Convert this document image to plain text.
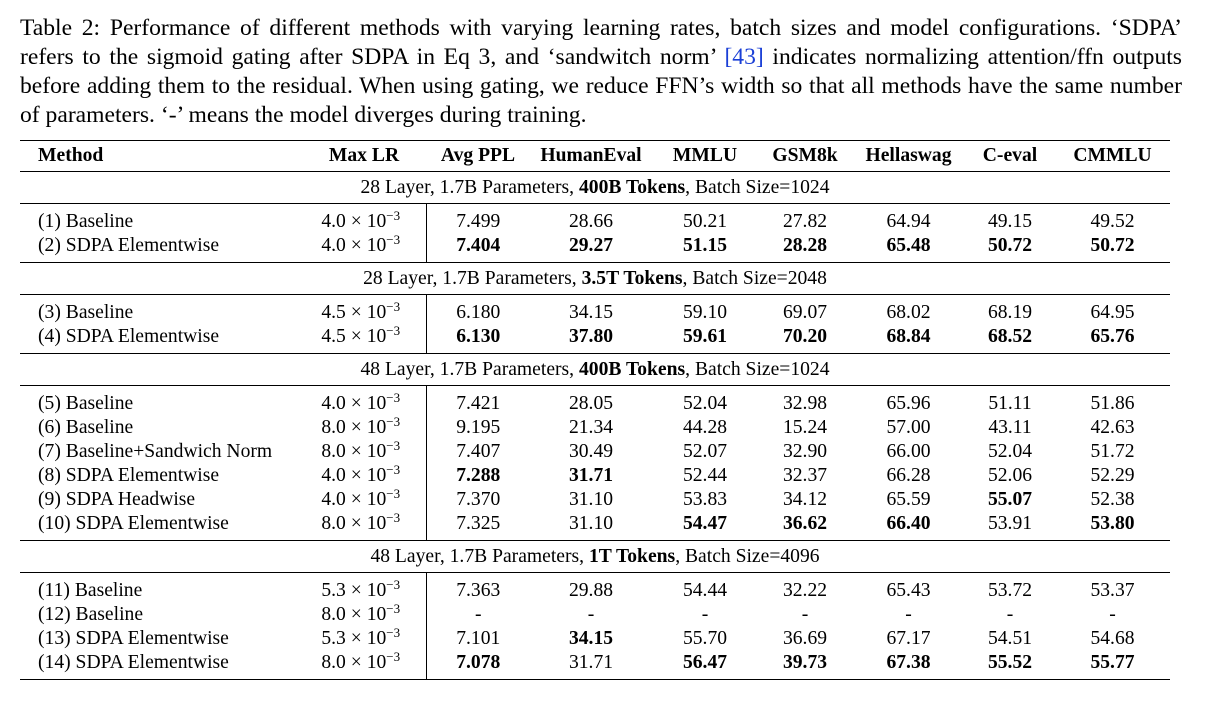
Table 2: Performance of different methods with varying learning rates, batch sizes and model configurations. ‘SDPA’ refers to the sigmoid gating after SDPA in Eq 3, and ‘sandwitch norm’ [43] indicates normalizing attention/ffn outputs before adding them to the residual. When using gating, we reduce FFN’s width so that all methods have the same number of parameters. ‘-’ means the model diverges during training.

Method	Max LR	Avg PPL	HumanEval	MMLU	GSM8k	Hellaswag	C-eval	CMMLU
28 Layer, 1.7B Parameters, 400B Tokens, Batch Size=1024								
(1) Baseline	$4.0 \times 10^{-3}$	7.499	28.66	50.21	27.82	64.94	49.15	49.52
(2) SDPA Elementwise	$4.0 \times 10^{-3}$	7.404	29.27	51.15	28.28	65.48	50.72	50.72
28 Layer, 1.7B Parameters, 3.5T Tokens, Batch Size=2048								
(3) Baseline	$4.5 \times 10^{-3}$	6.180	34.15	59.10	69.07	68.02	68.19	64.95
(4) SDPA Elementwise	$4.5 \times 10^{-3}$	6.130	37.80	59.61	70.20	68.84	68.52	65.76
48 Layer, 1.7B Parameters, 400B Tokens, Batch Size=1024								
(5) Baseline	$4.0 \times 10^{-3}$	7.421	28.05	52.04	32.98	65.96	51.11	51.86
(6) Baseline	$8.0 \times 10^{-3}$	9.195	21.34	44.28	15.24	57.00	43.11	42.63
(7) Baseline+Sandwich Norm	$8.0 \times 10^{-3}$	7.407	30.49	52.07	32.90	66.00	52.04	51.72
(8) SDPA Elementwise	$4.0 \times 10^{-3}$	7.288	31.71	52.44	32.37	66.28	52.06	52.29
(9) SDPA Headwise	$4.0 \times 10^{-3}$	7.370	31.10	53.83	34.12	65.59	55.07	52.38
(10) SDPA Elementwise	$8.0 \times 10^{-3}$	7.325	31.10	54.47	36.62	66.40	53.91	53.80
48 Layer, 1.7B Parameters, 1T Tokens, Batch Size=4096								
(11) Baseline	$5.3 \times 10^{-3}$	7.363	29.88	54.44	32.22	65.43	53.72	53.37
(12) Baseline	$8.0 \times 10^{-3}$	-	-	-	-	-	-	-
(13) SDPA Elementwise	$5.3 \times 10^{-3}$	7.101	34.15	55.70	36.69	67.17	54.51	54.68
(14) SDPA Elementwise	$8.0 \times 10^{-3}$	7.078	31.71	56.47	39.73	67.38	55.52	55.77
